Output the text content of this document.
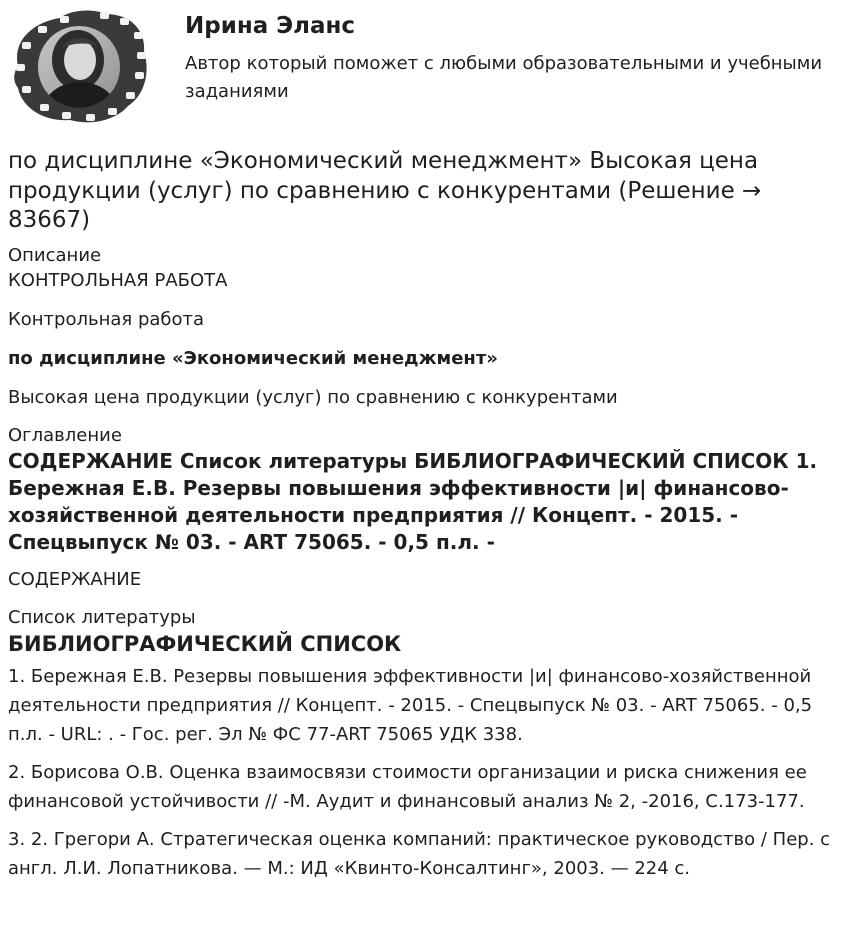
Ирина Эланс

Автор который поможет с любыми образовательными и учебными заданиями

по дисциплине «Экономический менеджмент» Высокая цена продукции (услуг) по сравнению с конкурентами (Решение → 83667)
Описание

КОНТРОЛЬНАЯ РАБОТА

Контрольная работа

по дисциплине «Экономический менеджмент»

Высокая цена продукции (услуг) по сравнению с конкурентами

Оглавление

СОДЕРЖАНИЕ Список литературы БИБЛИОГРАФИЧЕСКИЙ СПИСОК 1. Бережная Е.В. Резервы повышения эффективности |и| финансово-хозяйственной деятельности предприятия // Концепт. - 2015. - Спецвыпуск № 03. - ART 75065. - 0,5 п.л. -

СОДЕРЖАНИЕ

Список литературы
БИБЛИОГРАФИЧЕСКИЙ СПИСОК

1. Бережная Е.В. Резервы повышения эффективности |и| финансово-хозяйственной деятельности предприятия // Концепт. - 2015. - Спецвыпуск № 03. - ART 75065. - 0,5 п.л. - URL: . - Гос. рег. Эл № ФС 77-ART 75065 УДК 338.

2. Борисова О.В. Оценка взаимосвязи стоимости организации и риска снижения ее финансовой устойчивости // -М. Аудит и финансовый анализ № 2, -2016, С.173-177.

3. 2. Грегори А. Стратегическая оценка компаний: практическое руководство / Пер. с англ. Л.И. Лопатникова. — М.: ИД «Квинто-Консалтинг», 2003. — 224 с.
